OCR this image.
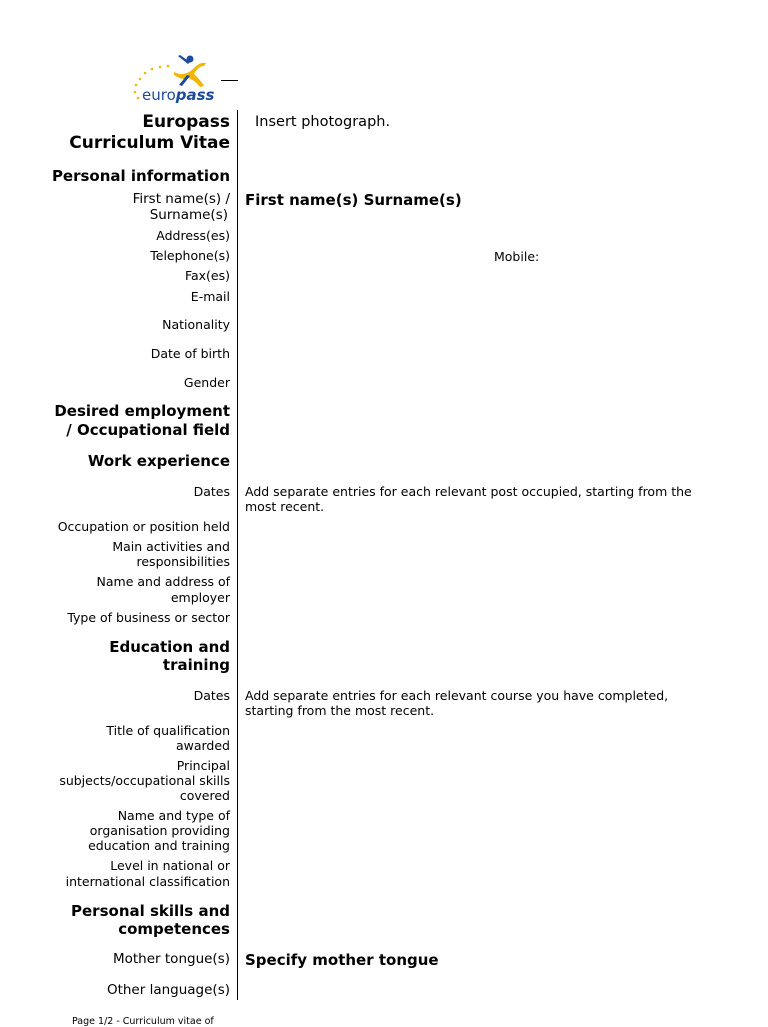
europass
Europass
Curriculum Vitae
Insert photograph.
Personal information
First name(s) /
Surname(s)
First name(s) Surname(s)
Address(es)
Telephone(s)	Mobile:
Fax(es)
E-mail
Nationality
Date of birth
Gender
Desired employment
/ Occupational field
Work experience
Dates Add separate entries for each relevant post occupied, starting from the
most recent.
Occupation or position held
Main activities and
responsibilities
Name and address of
employer
Type of business or sector
Education and
training
Dates Add separate entries for each relevant course you have completed,
starting from the most recent.
Title of qualification
awarded
Principal
subjects/occupational skills
covered
Name and type of
organisation providing
education and training
Level in national or
international classification
Personal skills and
competences
Mother tongue(s) Specify mother tongue
Other language(s)
Page 1/2 - Curriculum vitae of
